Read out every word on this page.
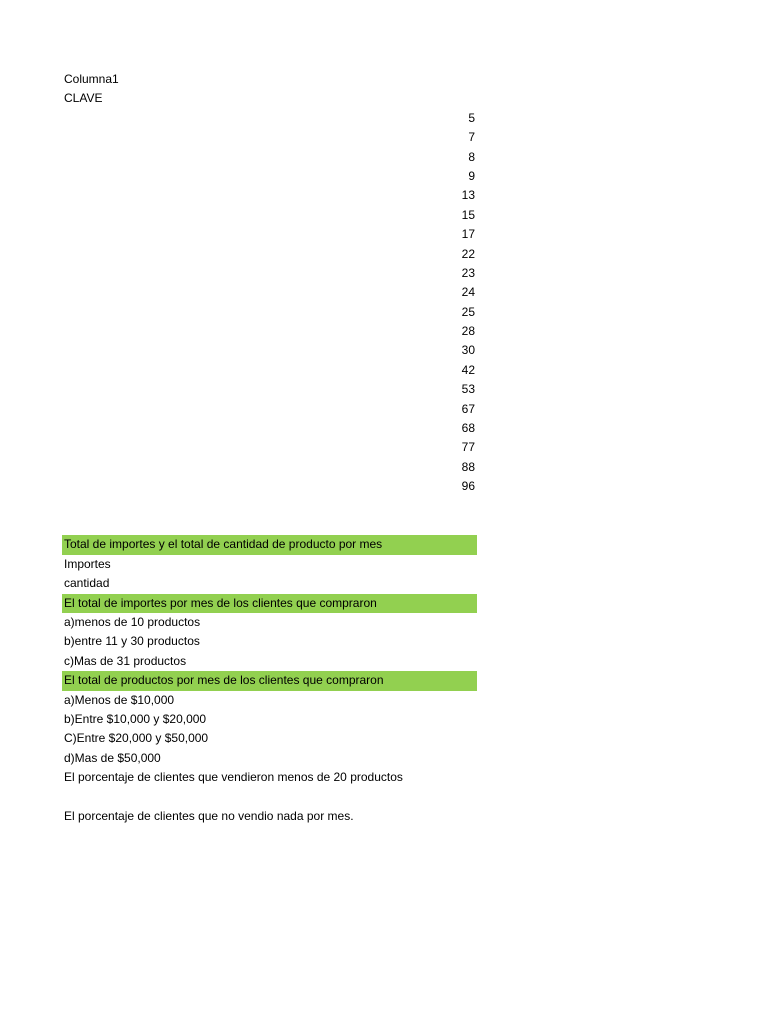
Columna1
CLAVE
5
7
8
9
13
15
17
22
23
24
25
28
30
42
53
67
68
77
88
96
Total de importes y el total de cantidad de producto por mes
Importes
cantidad
El total de importes por mes de los clientes que compraron
a)menos de 10 productos
b)entre 11 y 30 productos
c)Mas de 31 productos
El total de productos por mes de los clientes que compraron
a)Menos de $10,000
b)Entre $10,000 y $20,000
C)Entre $20,000 y $50,000
d)Mas de $50,000
El porcentaje de clientes que vendieron menos de 20 productos
El porcentaje de clientes que no vendio nada por mes.
